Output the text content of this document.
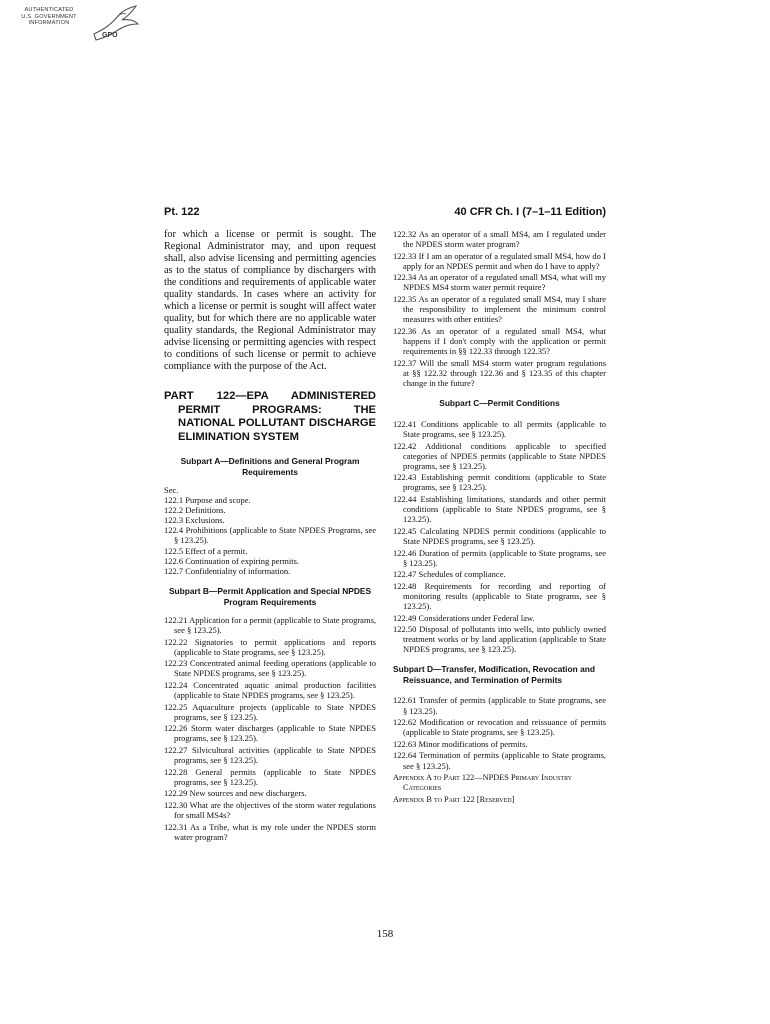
AUTHENTICATED
U.S. GOVERNMENT
INFORMATION
GPO
Pt. 122	40 CFR Ch. I (7–1–11 Edition)

for which a license or permit is sought. The Regional Administrator may, and upon request shall, also advise licensing and permitting agencies as to the status of compliance by dischargers with the conditions and requirements of applicable water quality standards. In cases where an activity for which a license or permit is sought will affect water quality, but for which there are no applicable water quality standards, the Regional Administrator may advise licensing or permitting agencies with respect to conditions of such license or permit to achieve compliance with the purpose of the Act.

PART 122—EPA ADMINISTERED PERMIT PROGRAMS: THE NATIONAL POLLUTANT DISCHARGE ELIMINATION SYSTEM
Subpart A—Definitions and General Program Requirements

Sec.

122.1 Purpose and scope.
122.2 Definitions.
122.3 Exclusions.
122.4 Prohibitions (applicable to State NPDES Programs, see § 123.25).
122.5 Effect of a permit.
122.6 Continuation of expiring permits.
122.7 Confidentiality of information.
Subpart B—Permit Application and Special NPDES Program Requirements
122.21 Application for a permit (applicable to State programs, see § 123.25).
122.22 Signatories to permit applications and reports (applicable to State programs, see § 123.25).
122.23 Concentrated animal feeding operations (applicable to State NPDES programs, see § 123.25).
122.24 Concentrated aquatic animal production facilities (applicable to State NPDES programs, see § 123.25).
122.25 Aquaculture projects (applicable to State NPDES programs, see § 123.25).
122.26 Storm water discharges (applicable to State NPDES programs, see § 123.25).
122.27 Silvicultural activities (applicable to State NPDES programs, see § 123.25).
122.28 General permits (applicable to State NPDES programs, see § 123.25).
122.29 New sources and new dischargers.
122.30 What are the objectives of the storm water regulations for small MS4s?
122.31 As a Tribe, what is my role under the NPDES storm water program?
122.32 As an operator of a small MS4, am I regulated under the NPDES storm water program?
122.33 If I am an operator of a regulated small MS4, how do I apply for an NPDES permit and when do I have to apply?
122.34 As an operator of a regulated small MS4, what will my NPDES MS4 storm water permit require?
122.35 As an operator of a regulated small MS4, may I share the responsibility to implement the minimum control measures with other entities?
122.36 As an operator of a regulated small MS4, what happens if I don't comply with the application or permit requirements in §§ 122.33 through 122.35?
122.37 Will the small MS4 storm water program regulations at §§ 122.32 through 122.36 and § 123.35 of this chapter change in the future?
Subpart C—Permit Conditions
122.41 Conditions applicable to all permits (applicable to State programs, see § 123.25).
122.42 Additional conditions applicable to specified categories of NPDES permits (applicable to State NPDES programs, see § 123.25).
122.43 Establishing permit conditions (applicable to State programs, see § 123.25).
122.44 Establishing limitations, standards and other permit conditions (applicable to State NPDES programs, see § 123.25).
122.45 Calculating NPDES permit conditions (applicable to State NPDES programs, see § 123.25).
122.46 Duration of permits (applicable to State programs, see § 123.25).
122.47 Schedules of compliance.
122.48 Requirements for recording and reporting of monitoring results (applicable to State programs, see § 123.25).
122.49 Considerations under Federal law.
122.50 Disposal of pollutants into wells, into publicly owned treatment works or by land application (applicable to State NPDES programs, see § 123.25).
Subpart D—Transfer, Modification, Revocation and Reissuance, and Termination of Permits
122.61 Transfer of permits (applicable to State programs, see § 123.25).
122.62 Modification or revocation and reissuance of permits (applicable to State programs, see § 123.25).
122.63 Minor modifications of permits.
122.64 Termination of permits (applicable to State programs, see § 123.25).

Appendix A to Part 122—NPDES Primary Industry Categories

Appendix B to Part 122 [Reserved]

158
